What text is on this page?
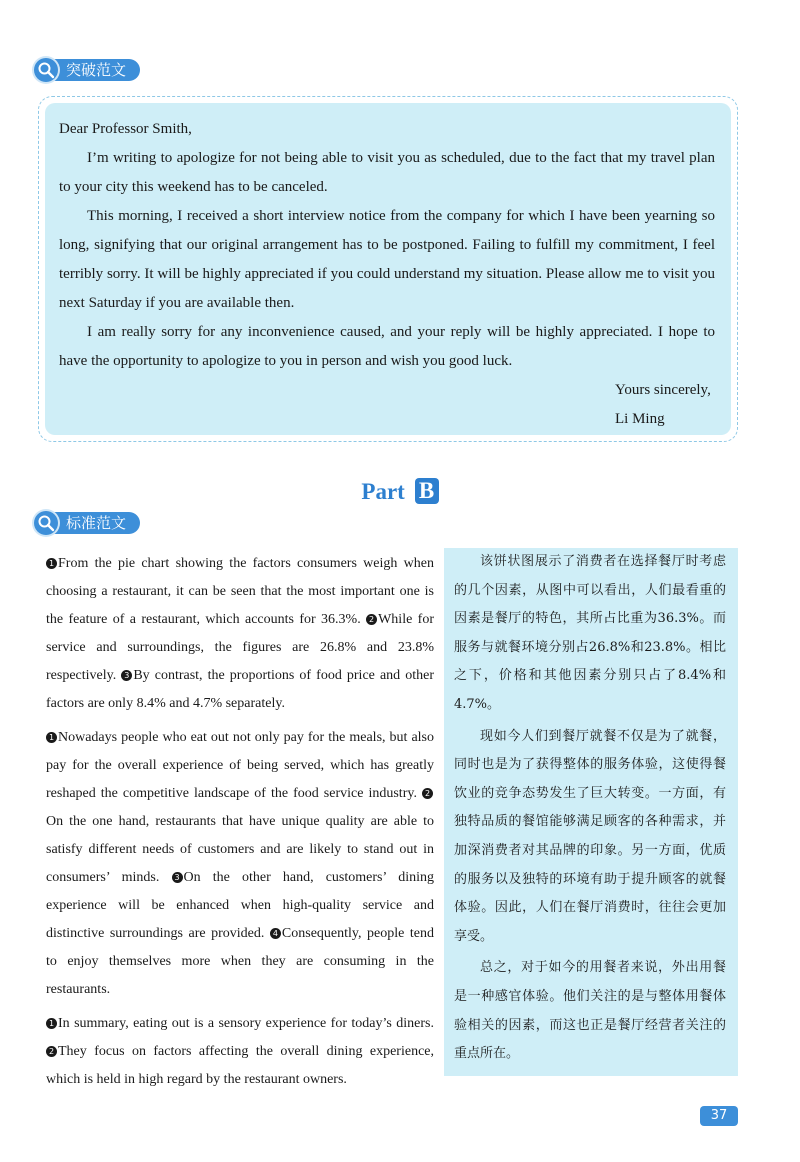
突破范文

Dear Professor Smith,

I’m writing to apologize for not being able to visit you as scheduled, due to the fact that my travel plan to your city this weekend has to be canceled.

This morning, I received a short interview notice from the company for which I have been yearning so long, signifying that our original arrangement has to be postponed. Failing to fulfill my commitment, I feel terribly sorry. It will be highly appreciated if you could understand my situation. Please allow me to visit you next Saturday if you are available then.

I am really sorry for any inconvenience caused, and your reply will be highly appreciated. I hope to have the opportunity to apologize to you in person and wish you good luck.

Yours sincerely,

Li Ming

Part B
标准范文

1 From the pie chart showing the factors consumers weigh when choosing a restaurant, it can be seen that the most important one is the feature of a restaurant, which accounts for 36.3%. 2 While for service and surroundings, the figures are 26.8% and 23.8% respectively. 3 By contrast, the proportions of food price and other factors are only 8.4% and 4.7% separately.

1 Nowadays people who eat out not only pay for the meals, but also pay for the overall experience of being served, which has greatly reshaped the competitive landscape of the food service industry. 2On the one hand, restaurants that have unique quality are able to satisfy different needs of customers and are likely to stand out in consumers’ minds. 3 On the other hand, customers’ dining experience will be enhanced when high-quality service and distinctive surroundings are provided. 4 Consequently, people tend to enjoy themselves more when they are consuming in the restaurants.

1 In summary, eating out is a sensory experience for today’s diners. 2 They focus on factors affecting the overall dining experience, which is held in high regard by the restaurant owners.

该饼状图展示了消费者在选择餐厅时考虑的几个因素，从图中可以看出，人们最看重的因素是餐厅的特色，其所占比重为36.3%。而服务与就餐环境分别占26.8%和23.8%。相比之下，价格和其他因素分别只占了8.4%和4.7%。

现如今人们到餐厅就餐不仅是为了就餐，同时也是为了获得整体的服务体验，这使得餐饮业的竞争态势发生了巨大转变。一方面，有独特品质的餐馆能够满足顾客的各种需求，并加深消费者对其品牌的印象。另一方面，优质的服务以及独特的环境有助于提升顾客的就餐体验。因此，人们在餐厅消费时，往往会更加享受。

总之，对于如今的用餐者来说，外出用餐是一种感官体验。他们关注的是与整体用餐体验相关的因素，而这也正是餐厅经营者关注的重点所在。

37
